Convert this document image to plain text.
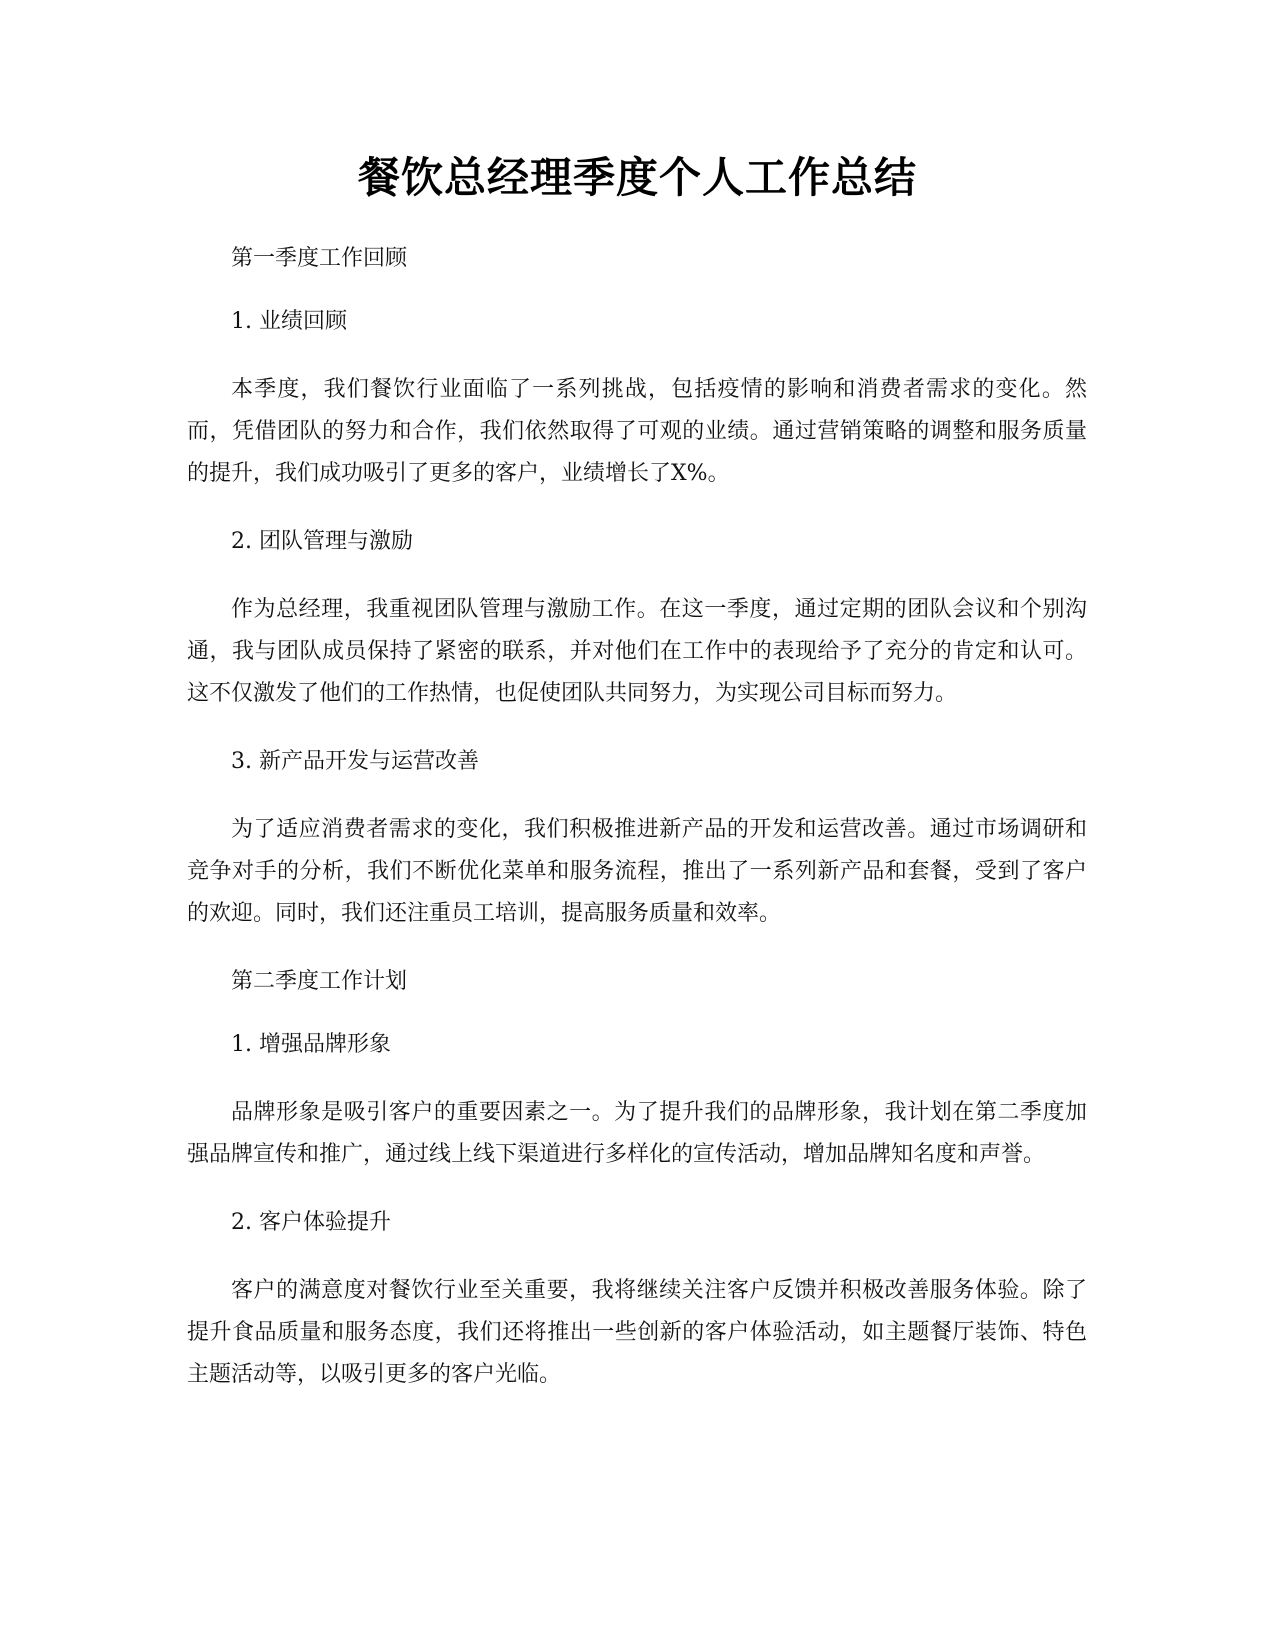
餐饮总经理季度个人工作总结

第一季度工作回顾

1. 业绩回顾

本季度，我们餐饮行业面临了一系列挑战，包括疫情的影响和消费者需求的变化。然而，凭借团队的努力和合作，我们依然取得了可观的业绩。通过营销策略的调整和服务质量的提升，我们成功吸引了更多的客户，业绩增长了X%。

2. 团队管理与激励

作为总经理，我重视团队管理与激励工作。在这一季度，通过定期的团队会议和个别沟通，我与团队成员保持了紧密的联系，并对他们在工作中的表现给予了充分的肯定和认可。这不仅激发了他们的工作热情，也促使团队共同努力，为实现公司目标而努力。

3. 新产品开发与运营改善

为了适应消费者需求的变化，我们积极推进新产品的开发和运营改善。通过市场调研和竞争对手的分析，我们不断优化菜单和服务流程，推出了一系列新产品和套餐，受到了客户的欢迎。同时，我们还注重员工培训，提高服务质量和效率。

第二季度工作计划

1. 增强品牌形象

品牌形象是吸引客户的重要因素之一。为了提升我们的品牌形象，我计划在第二季度加强品牌宣传和推广，通过线上线下渠道进行多样化的宣传活动，增加品牌知名度和声誉。

2. 客户体验提升

客户的满意度对餐饮行业至关重要，我将继续关注客户反馈并积极改善服务体验。除了提升食品质量和服务态度，我们还将推出一些创新的客户体验活动，如主题餐厅装饰、特色主题活动等，以吸引更多的客户光临。
